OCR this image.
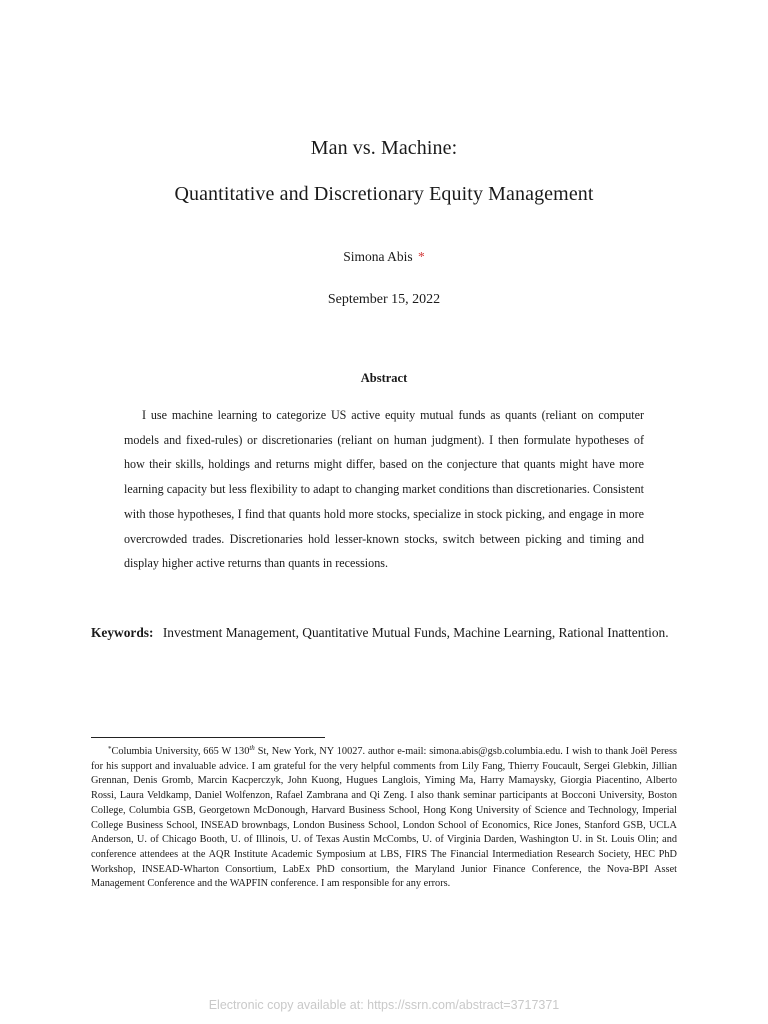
Man vs. Machine:
Quantitative and Discretionary Equity Management
Simona Abis *
September 15, 2022
Abstract
I use machine learning to categorize US active equity mutual funds as quants (reliant on computer models and fixed-rules) or discretionaries (reliant on human judgment). I then formulate hypotheses of how their skills, holdings and returns might differ, based on the conjecture that quants might have more learning capacity but less flexibility to adapt to changing market conditions than discretionaries. Consistent with those hypotheses, I find that quants hold more stocks, specialize in stock picking, and engage in more overcrowded trades. Discretionaries hold lesser-known stocks, switch between picking and timing and display higher active returns than quants in recessions.
Keywords: Investment Management, Quantitative Mutual Funds, Machine Learning, Rational Inattention.
*Columbia University, 665 W 130th St, New York, NY 10027. author e-mail: simona.abis@gsb.columbia.edu. I wish to thank Joël Peress for his support and invaluable advice. I am grateful for the very helpful comments from Lily Fang, Thierry Foucault, Sergei Glebkin, Jillian Grennan, Denis Gromb, Marcin Kacperczyk, John Kuong, Hugues Langlois, Yiming Ma, Harry Mamaysky, Giorgia Piacentino, Alberto Rossi, Laura Veldkamp, Daniel Wolfenzon, Rafael Zambrana and Qi Zeng. I also thank seminar participants at Bocconi University, Boston College, Columbia GSB, Georgetown McDonough, Harvard Business School, Hong Kong University of Science and Technology, Imperial College Business School, INSEAD brownbags, London Business School, London School of Economics, Rice Jones, Stanford GSB, UCLA Anderson, U. of Chicago Booth, U. of Illinois, U. of Texas Austin McCombs, U. of Virginia Darden, Washington U. in St. Louis Olin; and conference attendees at the AQR Institute Academic Symposium at LBS, FIRS The Financial Intermediation Research Society, HEC PhD Workshop, INSEAD-Wharton Consortium, LabEx PhD consortium, the Maryland Junior Finance Conference, the Nova-BPI Asset Management Conference and the WAPFIN conference. I am responsible for any errors.
Electronic copy available at: https://ssrn.com/abstract=3717371
